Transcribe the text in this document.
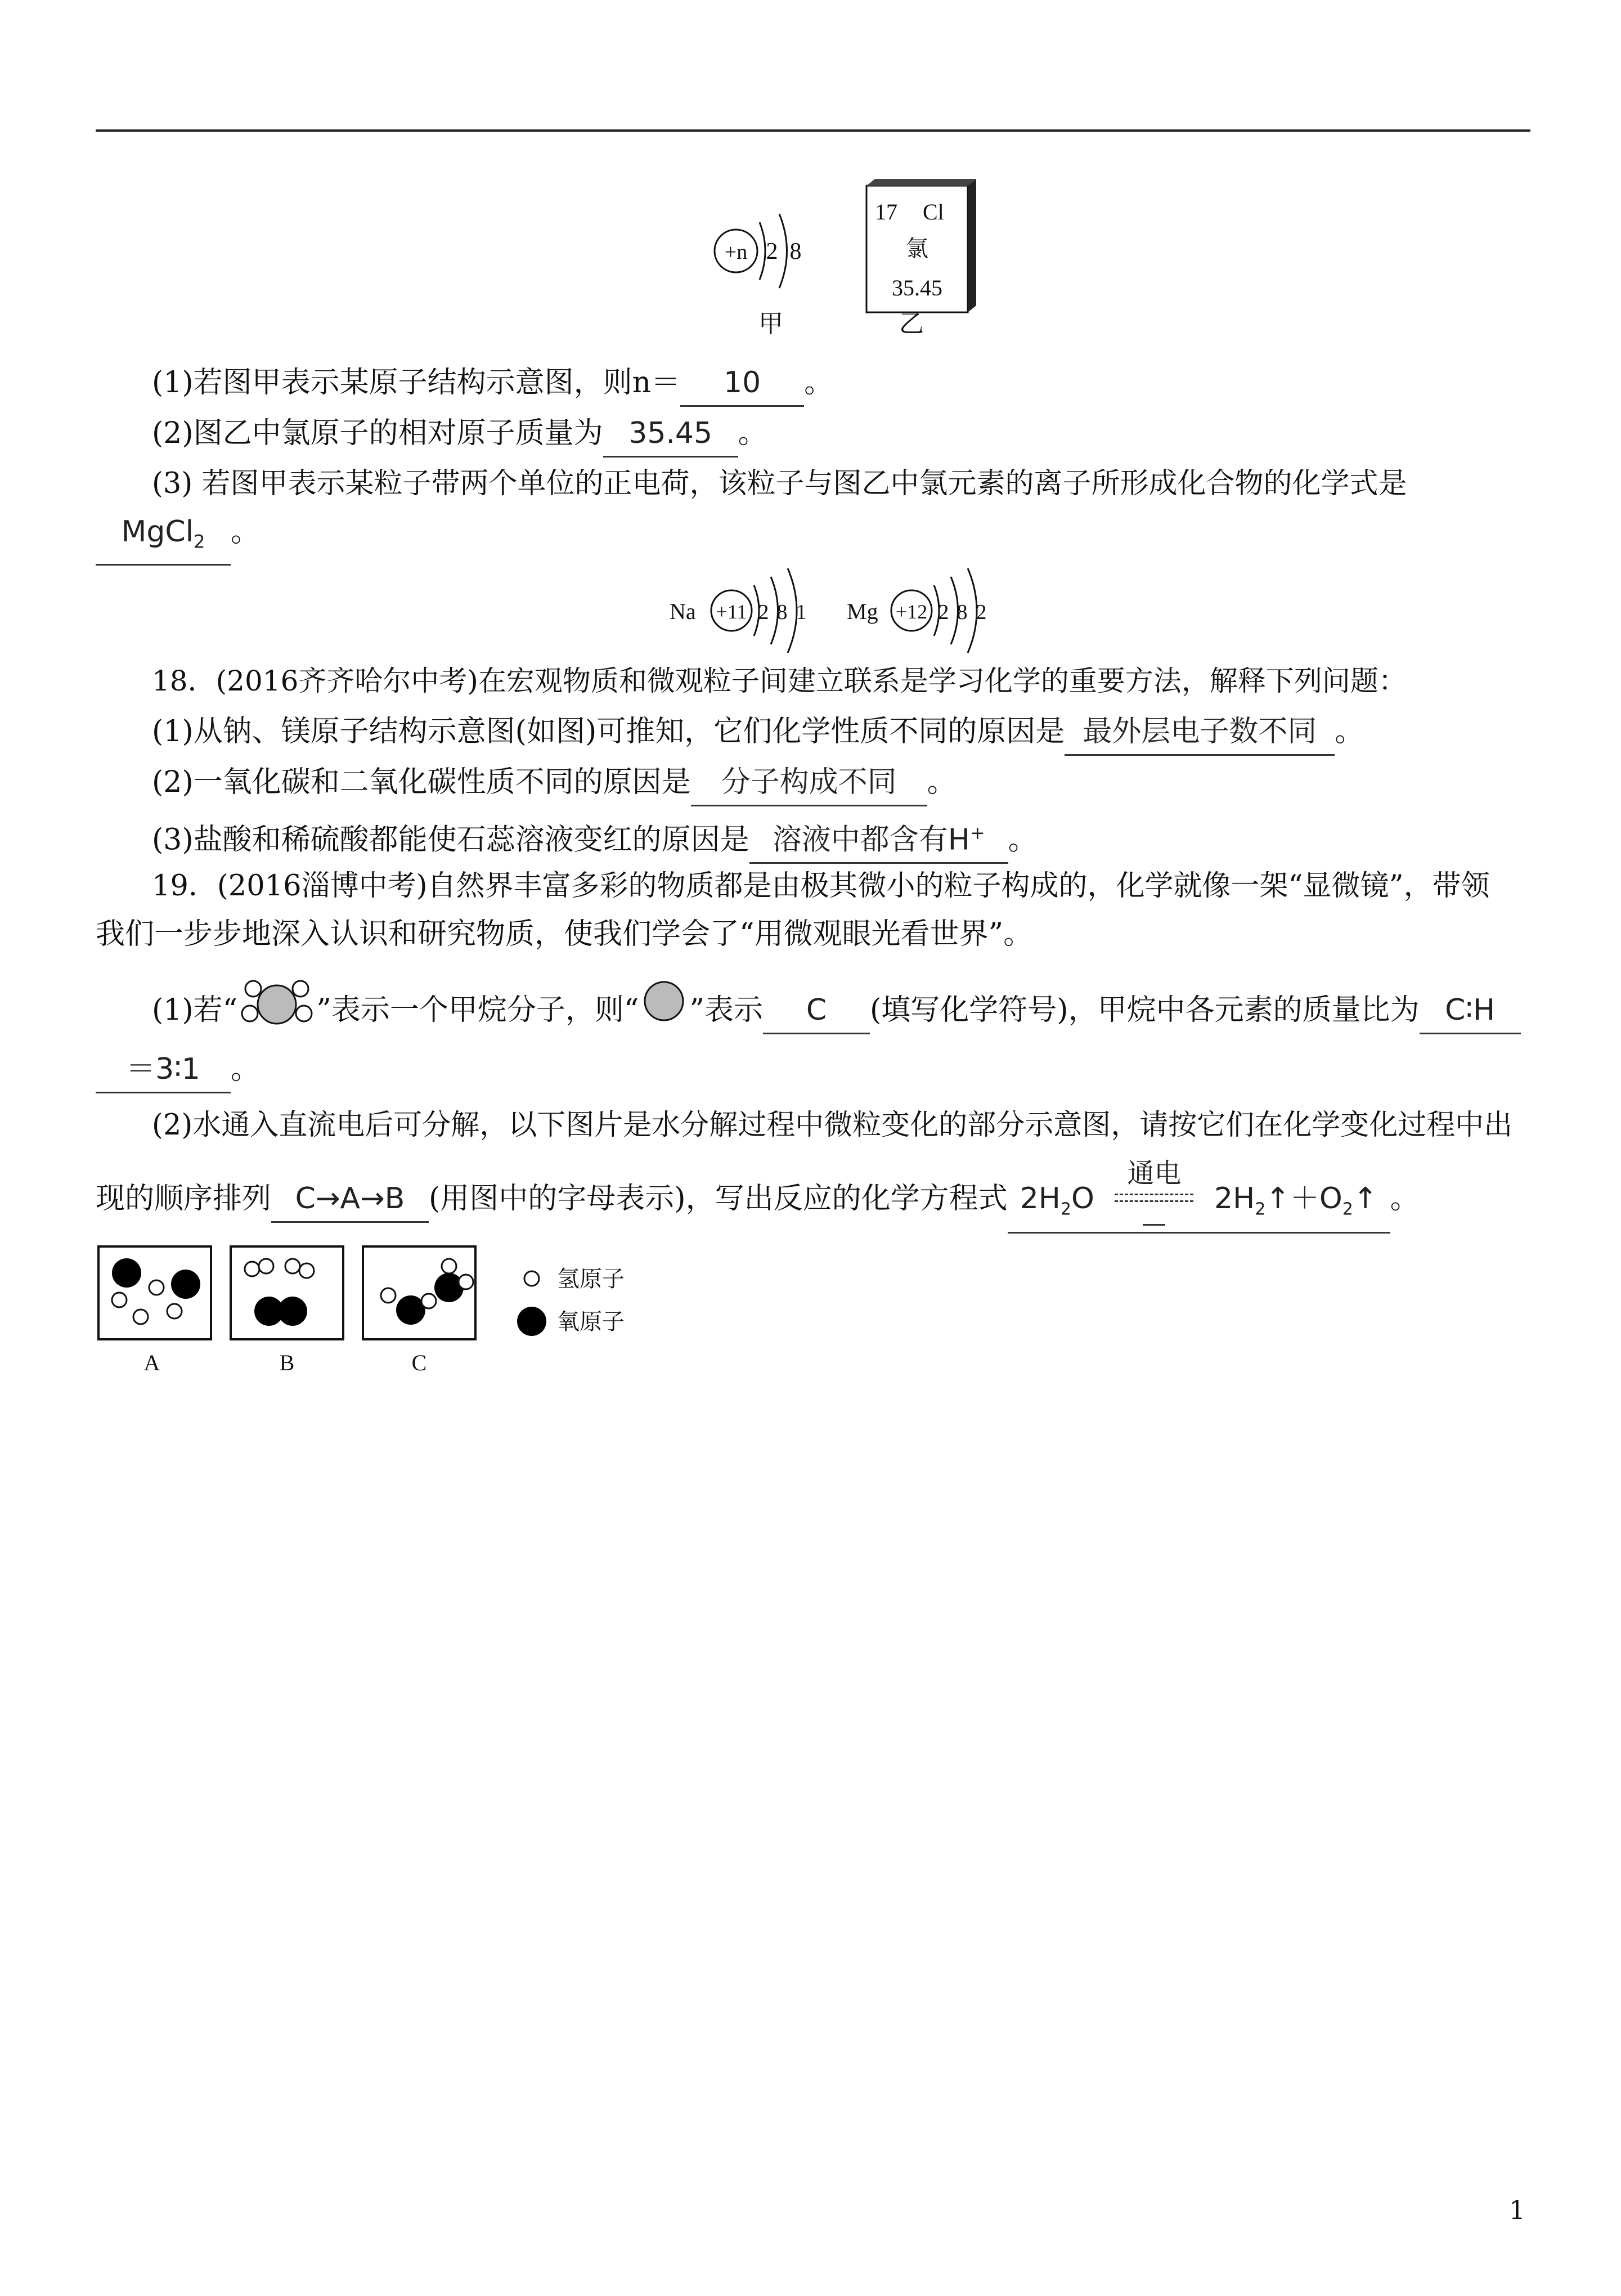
+n 2 8
甲
17 Cl
氯
35.45
乙
(1)若图甲表示某原子结构示意图，则n＝ 10 。
(2)图乙中氯原子的相对原子质量为 35.45 。
(3) 若图甲表示某粒子带两个单位的正电荷，该粒子与图乙中氯元素的离子所形成化合物的化学式是
MgCl$_2$ 。
Na +11 2 8 1 Mg +12 2 8 2
18．(2016齐齐哈尔中考)在宏观物质和微观粒子间建立联系是学习化学的重要方法，解释下列问题：
(1)从钠、镁原子结构示意图(如图)可推知，它们化学性质不同的原因是 最外层电子数不同 。
(2)一氧化碳和二氧化碳性质不同的原因是 分子构成不同 。
(3)盐酸和稀硫酸都能使石蕊溶液变红的原因是 溶液中都含有H+ 。
19．(2016淄博中考)自然界丰富多彩的物质都是由极其微小的粒子构成的，化学就像一架“显微镜”，带领
我们一步步地深入认识和研究物质，使我们学会了“用微观眼光看世界”。
(1)若“	”表示一个甲烷分子，则“ ”表示 C (填写化学符号)，甲烷中各元素的质量比为 C∶H
＝3∶1 。
(2)水通入直流电后可分解，以下图片是水分解过程中微粒变化的部分示意图，请按它们在化学变化过程中出
现的顺序排列 C→A→B (用图中的字母表示)，写出反应的化学方程式 $2H_2O$
通电
$2H_2↑+O_2↑$ 。
A	B	C
氢原子
氧原子
1
